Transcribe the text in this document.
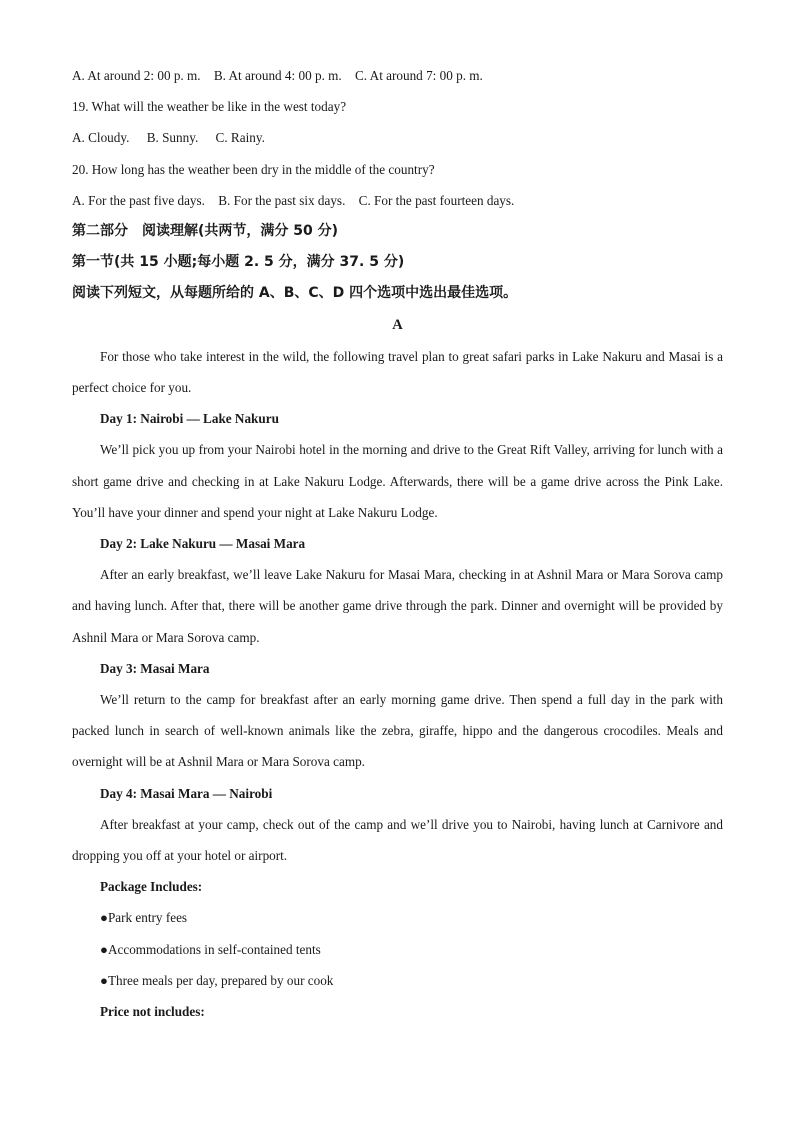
A. At around 2: 00 p. m. B. At around 4: 00 p. m. C. At around 7: 00 p. m.

19. What will the weather be like in the west today?

A. Cloudy. B. Sunny. C. Rainy.

20. How long has the weather been dry in the middle of the country?

A. For the past five days. B. For the past six days. C. For the past fourteen days.

第二部分　阅读理解(共两节，满分 50 分)

第一节(共 15 小题;每小题 2. 5 分，满分 37. 5 分)

阅读下列短文，从每题所给的 A、B、C、D 四个选项中选出最佳选项。

A

For those who take interest in the wild, the following travel plan to great safari parks in Lake Nakuru and Masai is a perfect choice for you.

Day 1: Nairobi — Lake Nakuru

We’ll pick you up from your Nairobi hotel in the morning and drive to the Great Rift Valley, arriving for lunch with a short game drive and checking in at Lake Nakuru Lodge. Afterwards, there will be a game drive across the Pink Lake. You’ll have your dinner and spend your night at Lake Nakuru Lodge.

Day 2: Lake Nakuru — Masai Mara

After an early breakfast, we’ll leave Lake Nakuru for Masai Mara, checking in at Ashnil Mara or Mara Sorova camp and having lunch. After that, there will be another game drive through the park. Dinner and overnight will be provided by Ashnil Mara or Mara Sorova camp.

Day 3: Masai Mara

We’ll return to the camp for breakfast after an early morning game drive. Then spend a full day in the park with packed lunch in search of well-known animals like the zebra, giraffe, hippo and the dangerous crocodiles. Meals and overnight will be at Ashnil Mara or Mara Sorova camp.

Day 4: Masai Mara — Nairobi

After breakfast at your camp, check out of the camp and we’ll drive you to Nairobi, having lunch at Carnivore and dropping you off at your hotel or airport.

Package Includes:

●Park entry fees

●Accommodations in self-contained tents

●Three meals per day, prepared by our cook

Price not includes:
